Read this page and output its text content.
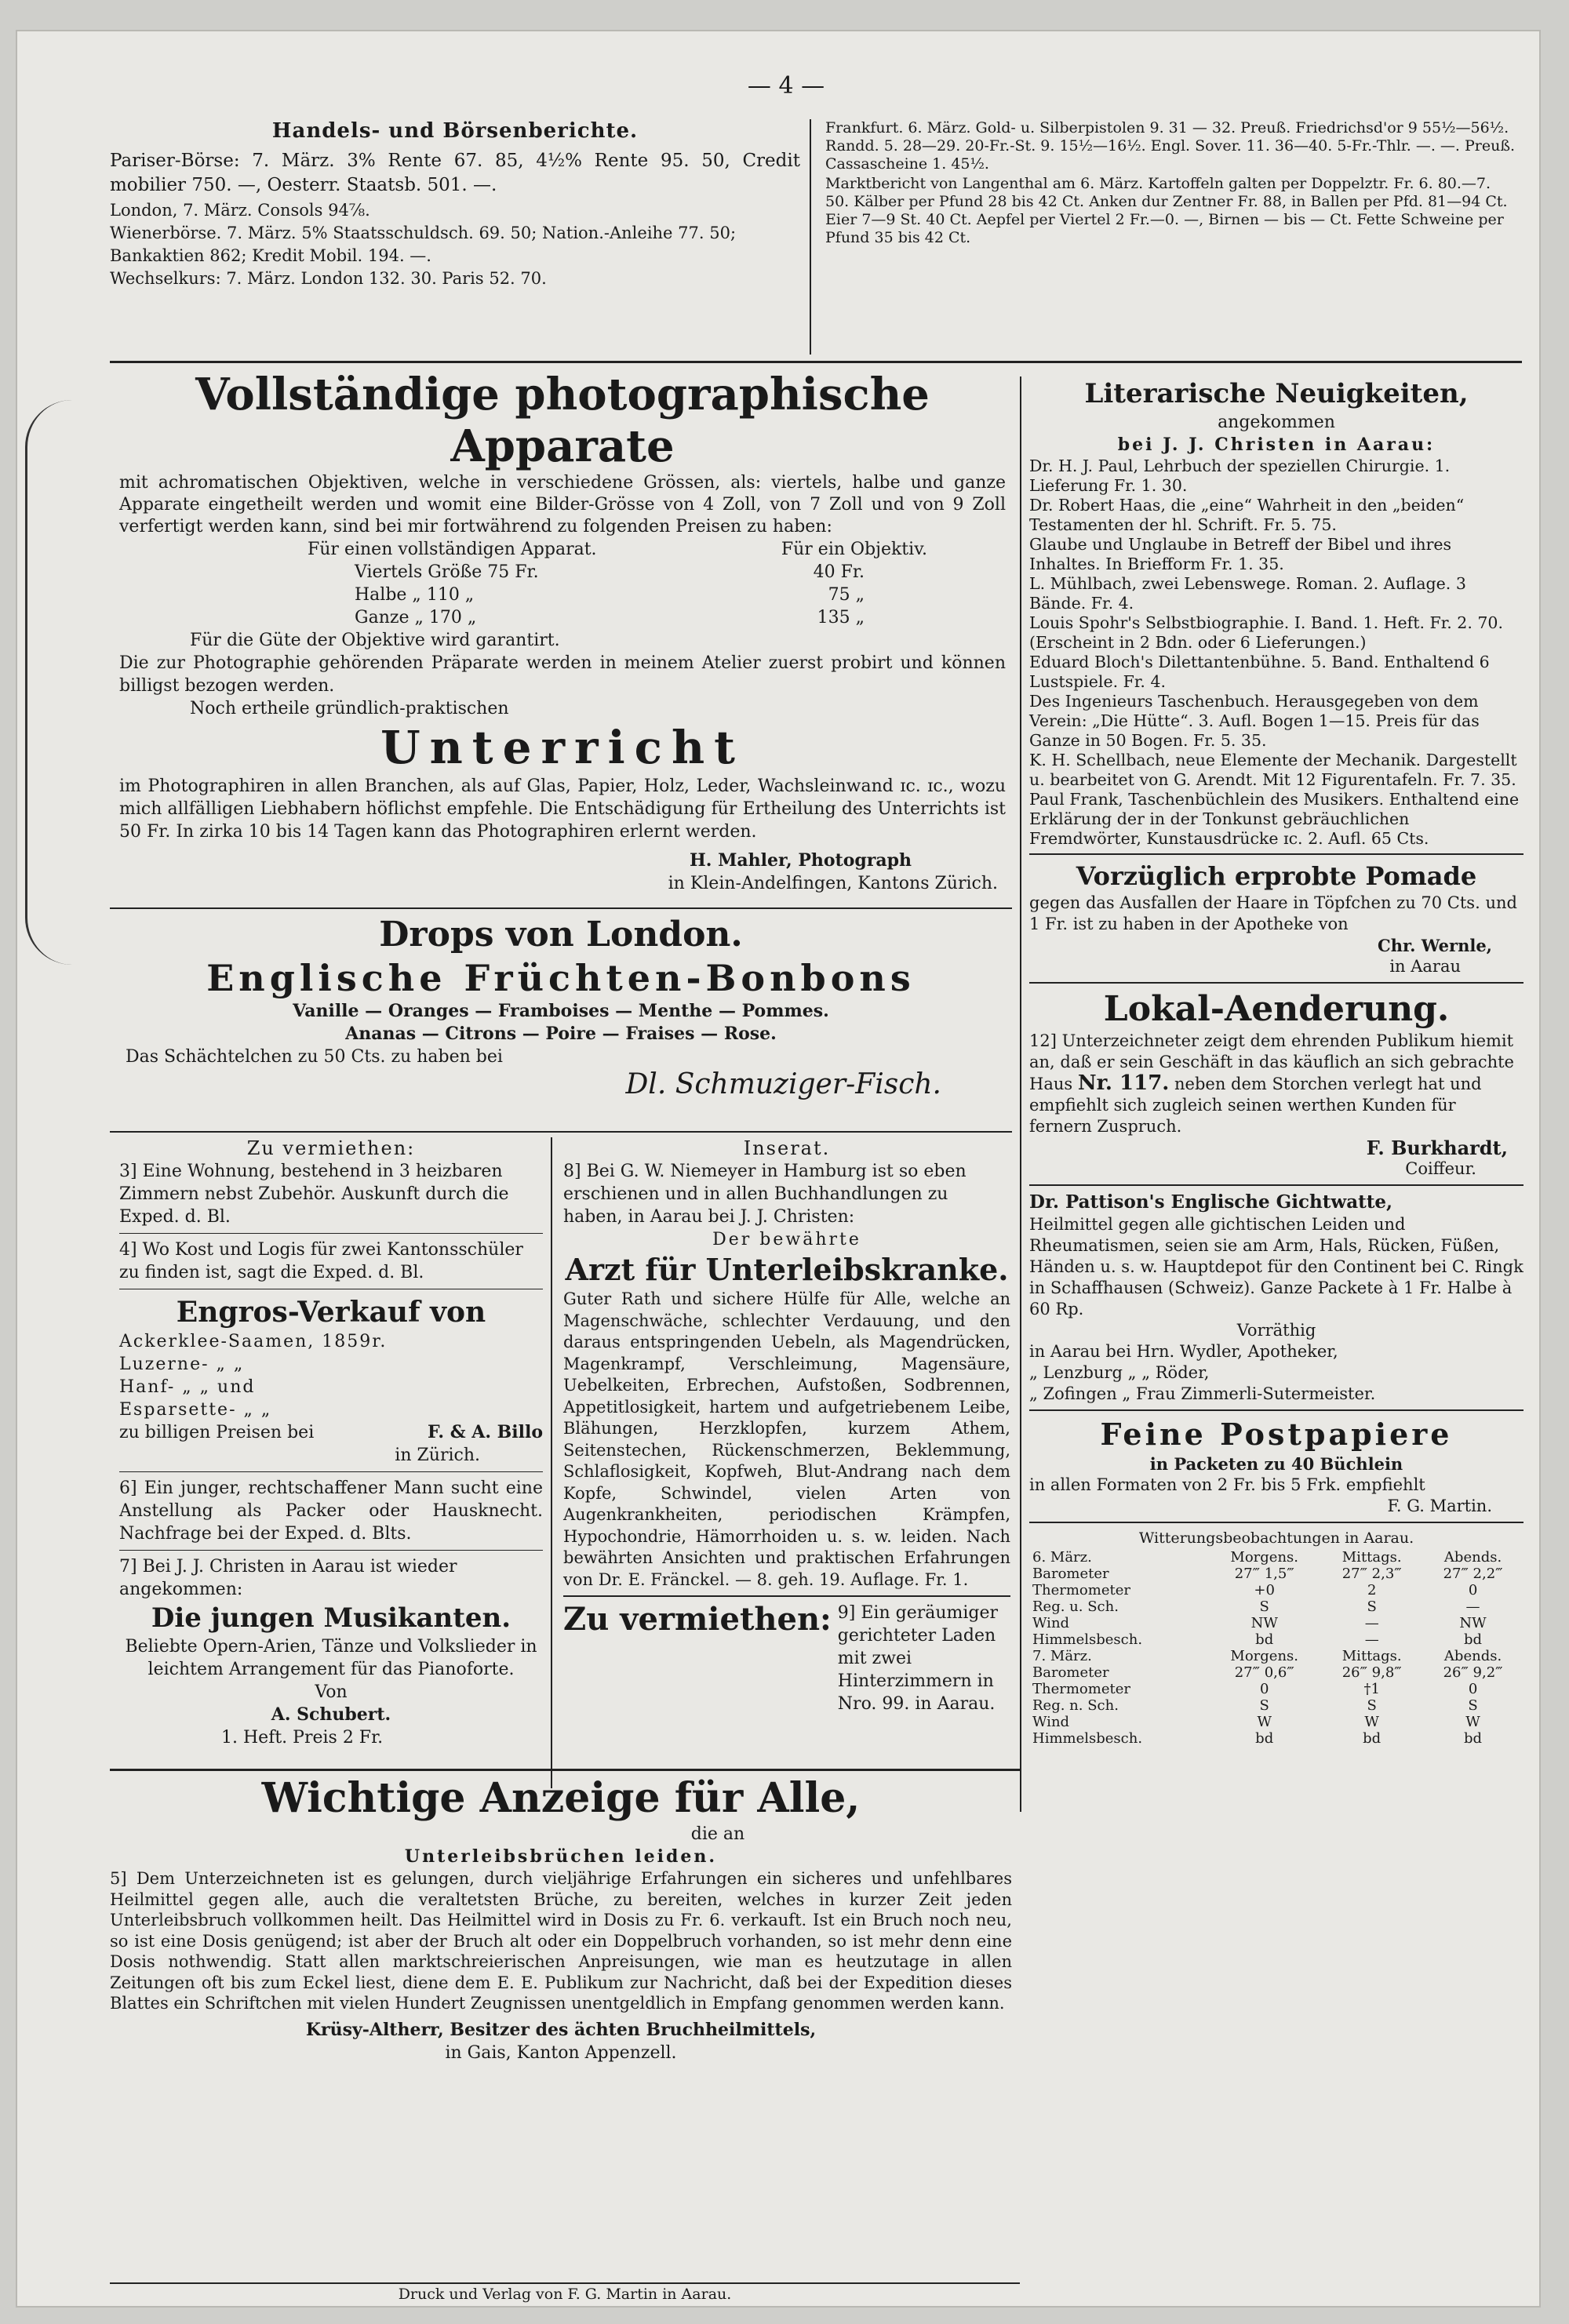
— 4 —
Handels- und Börsenberichte.
Pariser-Börse: 7. März. 3% Rente 67. 85, 4½% Rente 95. 50, Credit mobilier 750. —, Oesterr. Staatsb. 501. —.
London, 7. März. Consols 94⅞.
Wienerbörse. 7. März. 5% Staatsschuldsch. 69. 50; Nation.-Anleihe 77. 50; Bankaktien 862; Kredit Mobil. 194. —.
Wechselkurs: 7. März. London 132. 30. Paris 52. 70.
Frankfurt. 6. März. Gold- u. Silberpistolen 9. 31 — 32. Preuß. Friedrichsd'or 9 55½—56½. Randd. 5. 28—29. 20-Fr.-St. 9. 15½—16½. Engl. Sover. 11. 36—40. 5-Fr.-Thlr. —. —. Preuß. Cassascheine 1. 45½.
Marktbericht von Langenthal am 6. März. Kartoffeln galten per Doppelztr. Fr. 6. 80.—7. 50. Kälber per Pfund 28 bis 42 Ct. Anken dur Zentner Fr. 88, in Ballen per Pfd. 81—94 Ct. Eier 7—9 St. 40 Ct. Aepfel per Viertel 2 Fr.—0. —, Birnen — bis — Ct. Fette Schweine per Pfund 35 bis 42 Ct.
Vollständige photographische Apparate
mit achromatischen Objektiven, welche in verschiedene Grössen, als: viertels, halbe und ganze Apparate eingetheilt werden und womit eine Bilder-Grösse von 4 Zoll, von 7 Zoll und von 9 Zoll verfertigt werden kann, sind bei mir fortwährend zu folgenden Preisen zu haben:
Für einen vollständigen Apparat.	Für ein Objektiv.
Viertels Größe 75 Fr.	40 Fr.
Halbe „ 110 „	75 „
Ganze „ 170 „	135 „
Für die Güte der Objektive wird garantirt.
Die zur Photographie gehörenden Präparate werden in meinem Atelier zuerst probirt und können billigst bezogen werden.
Noch ertheile gründlich-praktischen
Unterricht
im Photographiren in allen Branchen, als auf Glas, Papier, Holz, Leder, Wachsleinwand ɪc. ɪc., wozu mich allfälligen Liebhabern höflichst empfehle. Die Entschädigung für Ertheilung des Unterrichts ist 50 Fr. In zirka 10 bis 14 Tagen kann das Photographiren erlernt werden.
H. Mahler, Photograph
in Klein-Andelfingen, Kantons Zürich.
Drops von London.
Englische Früchten-Bonbons
Vanille — Oranges — Framboises — Menthe — Pommes.
Ananas — Citrons — Poire — Fraises — Rose.
Das Schächtelchen zu 50 Cts. zu haben bei
Dl. Schmuziger-Fisch.
Zu vermiethen:
3] Eine Wohnung, bestehend in 3 heizbaren Zimmern nebst Zubehör. Auskunft durch die Exped. d. Bl.
4] Wo Kost und Logis für zwei Kantonsschüler zu finden ist, sagt die Exped. d. Bl.
Engros-Verkauf von
Ackerklee-Saamen, 1859r.
Luzerne- „ „
Hanf- „ „ und
Esparsette- „ „
zu billigen Preisen bei	F. & A. Billo
in Zürich.
6] Ein junger, rechtschaffener Mann sucht eine Anstellung als Packer oder Hausknecht. Nachfrage bei der Exped. d. Blts.
7] Bei J. J. Christen in Aarau ist wieder angekommen:
Die jungen Musikanten.
Beliebte Opern-Arien, Tänze und Volkslieder in leichtem Arrangement für das Pianoforte.
Von
A. Schubert.
1. Heft. Preis 2 Fr.
Inserat.
8] Bei G. W. Niemeyer in Hamburg ist so eben erschienen und in allen Buchhandlungen zu haben, in Aarau bei J. J. Christen:
Der bewährte
Arzt für Unterleibskranke.
Guter Rath und sichere Hülfe für Alle, welche an Magenschwäche, schlechter Verdauung, und den daraus entspringenden Uebeln, als Magendrücken, Magenkrampf, Verschleimung, Magensäure, Uebelkeiten, Erbrechen, Aufstoßen, Sodbrennen, Appetitlosigkeit, hartem und aufgetriebenem Leibe, Blähungen, Herzklopfen, kurzem Athem, Seitenstechen, Rückenschmerzen, Beklemmung, Schlaflosigkeit, Kopfweh, Blut-Andrang nach dem Kopfe, Schwindel, vielen Arten von Augenkrankheiten, periodischen Krämpfen, Hypochondrie, Hämorrhoiden u. s. w. leiden. Nach bewährten Ansichten und praktischen Erfahrungen von Dr. E. Fränckel. — 8. geh. 19. Auflage. Fr. 1.
Zu vermiethen: 9] Ein geräumiger gerichteter Laden mit zwei Hinterzimmern in Nro. 99. in Aarau.
Literarische Neuigkeiten,
angekommen
bei J. J. Christen in Aarau:
Dr. H. J. Paul, Lehrbuch der speziellen Chirurgie. 1. Lieferung Fr. 1. 30.
Dr. Robert Haas, die „eine“ Wahrheit in den „beiden“ Testamenten der hl. Schrift. Fr. 5. 75.
Glaube und Unglaube in Betreff der Bibel und ihres Inhaltes. In Briefform Fr. 1. 35.
L. Mühlbach, zwei Lebenswege. Roman. 2. Auflage. 3 Bände. Fr. 4.
Louis Spohr's Selbstbiographie. I. Band. 1. Heft. Fr. 2. 70.
(Erscheint in 2 Bdn. oder 6 Lieferungen.)
Eduard Bloch's Dilettantenbühne. 5. Band. Enthaltend 6 Lustspiele. Fr. 4.
Des Ingenieurs Taschenbuch. Herausgegeben von dem Verein: „Die Hütte“. 3. Aufl. Bogen 1—15. Preis für das Ganze in 50 Bogen. Fr. 5. 35.
K. H. Schellbach, neue Elemente der Mechanik. Dargestellt u. bearbeitet von G. Arendt. Mit 12 Figurentafeln. Fr. 7. 35.
Paul Frank, Taschenbüchlein des Musikers. Enthaltend eine Erklärung der in der Tonkunst gebräuchlichen Fremdwörter, Kunstausdrücke ɪc. 2. Aufl. 65 Cts.
Vorzüglich erprobte Pomade
gegen das Ausfallen der Haare in Töpfchen zu 70 Cts. und 1 Fr. ist zu haben in der Apotheke von
Chr. Wernle,
in Aarau
Lokal-Aenderung.
12] Unterzeichneter zeigt dem ehrenden Publikum hiemit an, daß er sein Geschäft in das käuflich an sich gebrachte Haus Nr. 117. neben dem Storchen verlegt hat und empfiehlt sich zugleich seinen werthen Kunden für fernern Zuspruch.
F. Burkhardt,
Coiffeur.
Dr. Pattison's Englische Gichtwatte,
Heilmittel gegen alle gichtischen Leiden und Rheumatismen, seien sie am Arm, Hals, Rücken, Füßen, Händen u. s. w. Hauptdepot für den Continent bei C. Ringk in Schaffhausen (Schweiz). Ganze Packete à 1 Fr. Halbe à 60 Rp.
Vorräthig
in Aarau bei Hrn. Wydler, Apotheker,
„ Lenzburg „ „ Röder,
„ Zofingen „ Frau Zimmerli-Sutermeister.
Feine Postpapiere
in Packeten zu 40 Büchlein
in allen Formaten von 2 Fr. bis 5 Frk. empfiehlt
F. G. Martin.
Witterungsbeobachtungen in Aarau.
6. März.	Morgens.	Mittags.	Abends.
Barometer	27‴ 1,5‴	27‴ 2,3‴	27‴ 2,2‴
Thermometer	+0	2	0
Reg. u. Sch.	S	S	—
Wind	NW	—	NW
Himmelsbesch.	bd	—	bd
7. März.	Morgens.	Mittags.	Abends.
Barometer	27‴ 0,6‴	26‴ 9,8‴	26‴ 9,2‴
Thermometer	0	†1	0
Reg. n. Sch.	S	S	S
Wind	W	W	W
Himmelsbesch.	bd	bd	bd
Wichtige Anzeige für Alle,
die an
Unterleibsbrüchen leiden.
5] Dem Unterzeichneten ist es gelungen, durch vieljährige Erfahrungen ein sicheres und unfehlbares Heilmittel gegen alle, auch die veraltetsten Brüche, zu bereiten, welches in kurzer Zeit jeden Unterleibsbruch vollkommen heilt. Das Heilmittel wird in Dosis zu Fr. 6. verkauft. Ist ein Bruch noch neu, so ist eine Dosis genügend; ist aber der Bruch alt oder ein Doppelbruch vorhanden, so ist mehr denn eine Dosis nothwendig. Statt allen marktschreierischen Anpreisungen, wie man es heutzutage in allen Zeitungen oft bis zum Eckel liest, diene dem E. E. Publikum zur Nachricht, daß bei der Expedition dieses Blattes ein Schriftchen mit vielen Hundert Zeugnissen unentgeldlich in Empfang genommen werden kann.
Krüsy-Altherr, Besitzer des ächten Bruchheilmittels,
in Gais, Kanton Appenzell.
Druck und Verlag von F. G. Martin in Aarau.
